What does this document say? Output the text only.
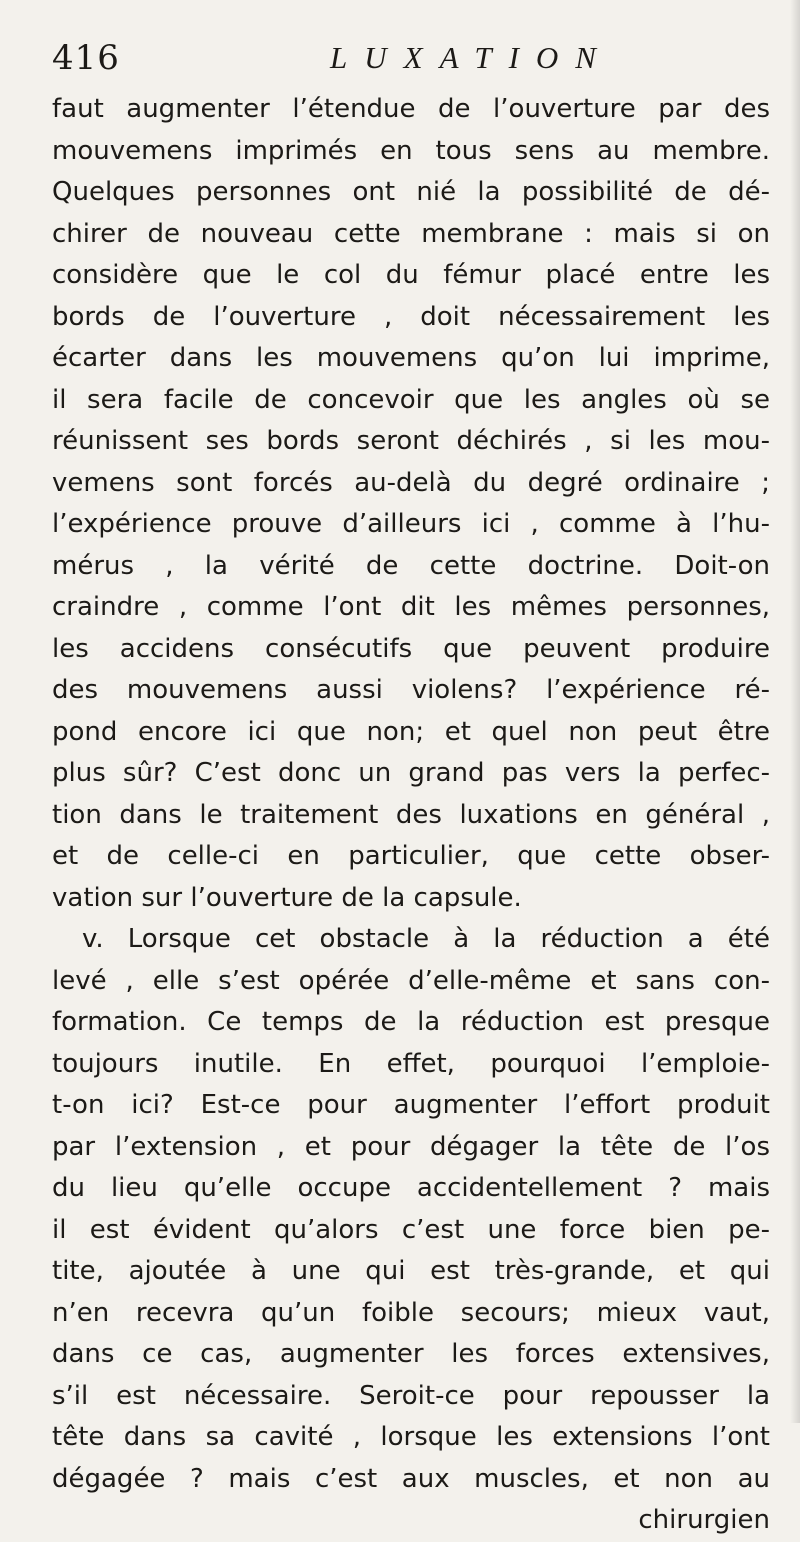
416	LUXATION
faut augmenter l’étendue de l’ouverture par des
mouvemens imprimés en tous sens au membre.
Quelques personnes ont nié la possibilité de dé-
chirer de nouveau cette membrane : mais si on
considère que le col du fémur placé entre les
bords de l’ouverture , doit nécessairement les
écarter dans les mouvemens qu’on lui imprime,
il sera facile de concevoir que les angles où se
réunissent ses bords seront déchirés , si les mou-
vemens sont forcés au-delà du degré ordinaire ;
l’expérience prouve d’ailleurs ici , comme à l’hu-
mérus , la vérité de cette doctrine. Doit-on
craindre , comme l’ont dit les mêmes personnes,
les accidens consécutifs que peuvent produire
des mouvemens aussi violens? l’expérience ré-
pond encore ici que non; et quel non peut être
plus sûr? C’est donc un grand pas vers la perfec-
tion dans le traitement des luxations en général ,
et de celle-ci en particulier, que cette obser-
vation sur l’ouverture de la capsule.
v. Lorsque cet obstacle à la réduction a été
levé , elle s’est opérée d’elle-même et sans con-
formation. Ce temps de la réduction est presque
toujours inutile. En effet, pourquoi l’emploie-
t-on ici? Est-ce pour augmenter l’effort produit
par l’extension , et pour dégager la tête de l’os
du lieu qu’elle occupe accidentellement ? mais
il est évident qu’alors c’est une force bien pe-
tite, ajoutée à une qui est très-grande, et qui
n’en recevra qu’un foible secours; mieux vaut,
dans ce cas, augmenter les forces extensives,
s’il est nécessaire. Seroit-ce pour repousser la
tête dans sa cavité , lorsque les extensions l’ont
dégagée ? mais c’est aux muscles, et non au
chirurgien
